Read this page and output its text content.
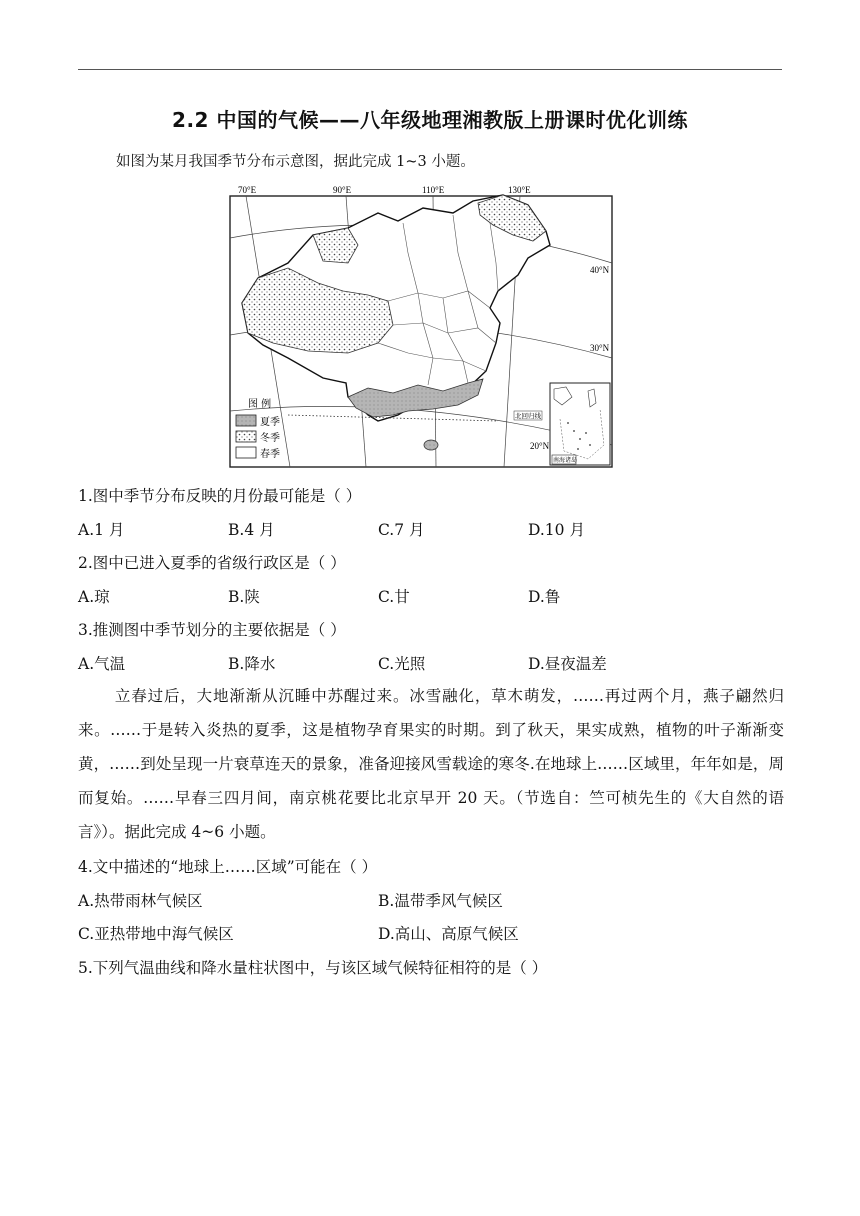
2.2 中国的气候——八年级地理湘教版上册课时优化训练
如图为某月我国季节分布示意图，据此完成 1~3 小题。
70°E	90°E	110°E	130°E
40°N
30°N
20°N
图 例
夏季
冬季
春季
南海诸岛
北回归线
1.图中季节分布反映的月份最可能是（ ）
A.1 月	B.4 月	C.7 月	D.10 月
2.图中已进入夏季的省级行政区是（ ）
A.琼	B.陕	C.甘	D.鲁
3.推测图中季节划分的主要依据是（ ）
A.气温	B.降水	C.光照	D.昼夜温差
立春过后，大地渐渐从沉睡中苏醒过来。冰雪融化，草木萌发，……再过两个月，燕子翩然归来。……于是转入炎热的夏季，这是植物孕育果实的时期。到了秋天，果实成熟，植物的叶子渐渐变黄，……到处呈现一片衰草连天的景象，准备迎接风雪载途的寒冬.在地球上……区域里，年年如是，周而复始。……早春三四月间，南京桃花要比北京早开 20 天。（节选自：竺可桢先生的《大自然的语言》）。据此完成 4~6 小题。
4.文中描述的“地球上……区域”可能在（ ）
A.热带雨林气候区	B.温带季风气候区
C.亚热带地中海气候区	D.高山、高原气候区
5.下列气温曲线和降水量柱状图中，与该区域气候特征相符的是（ ）
